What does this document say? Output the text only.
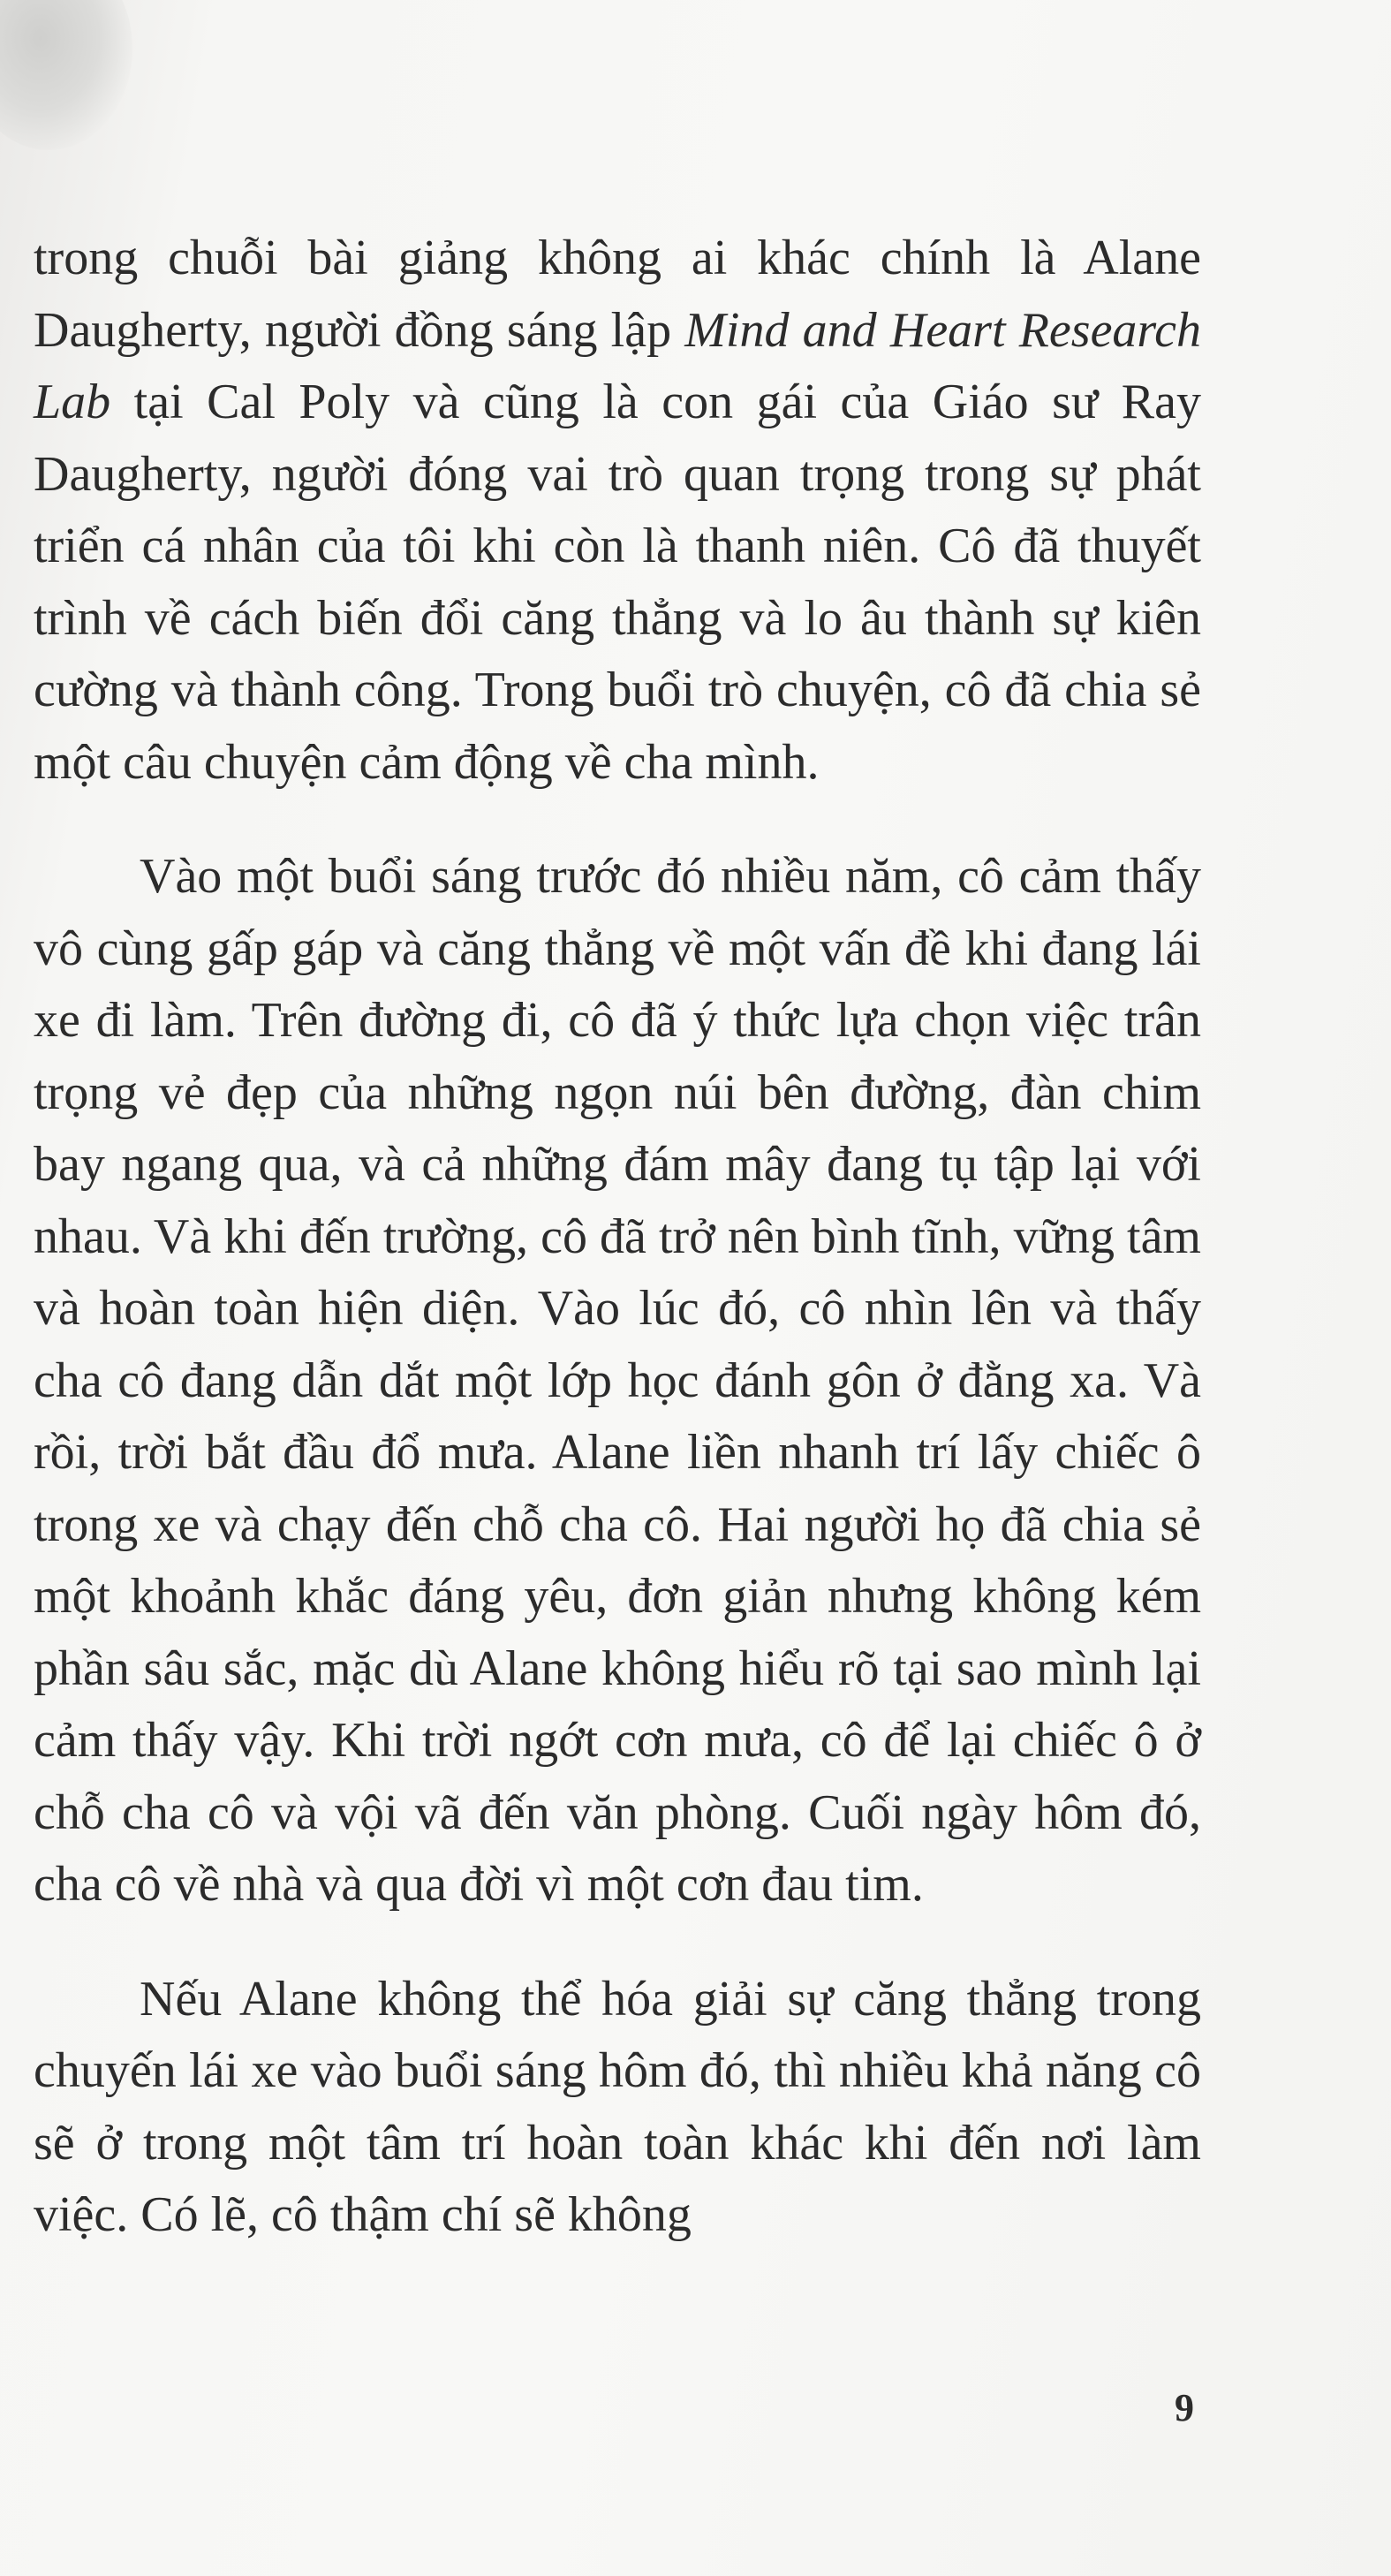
trong chuỗi bài giảng không ai khác chính là Alane Daugherty, người đồng sáng lập Mind and Heart Research Lab tại Cal Poly và cũng là con gái của Giáo sư Ray Daugherty, người đóng vai trò quan trọng trong sự phát triển cá nhân của tôi khi còn là thanh niên. Cô đã thuyết trình về cách biến đổi căng thẳng và lo âu thành sự kiên cường và thành công. Trong buổi trò chuyện, cô đã chia sẻ một câu chuyện cảm động về cha mình.

Vào một buổi sáng trước đó nhiều năm, cô cảm thấy vô cùng gấp gáp và căng thẳng về một vấn đề khi đang lái xe đi làm. Trên đường đi, cô đã ý thức lựa chọn việc trân trọng vẻ đẹp của những ngọn núi bên đường, đàn chim bay ngang qua, và cả những đám mây đang tụ tập lại với nhau. Và khi đến trường, cô đã trở nên bình tĩnh, vững tâm và hoàn toàn hiện diện. Vào lúc đó, cô nhìn lên và thấy cha cô đang dẫn dắt một lớp học đánh gôn ở đằng xa. Và rồi, trời bắt đầu đổ mưa. Alane liền nhanh trí lấy chiếc ô trong xe và chạy đến chỗ cha cô. Hai người họ đã chia sẻ một khoảnh khắc đáng yêu, đơn giản nhưng không kém phần sâu sắc, mặc dù Alane không hiểu rõ tại sao mình lại cảm thấy vậy. Khi trời ngớt cơn mưa, cô để lại chiếc ô ở chỗ cha cô và vội vã đến văn phòng. Cuối ngày hôm đó, cha cô về nhà và qua đời vì một cơn đau tim.

Nếu Alane không thể hóa giải sự căng thẳng trong chuyến lái xe vào buổi sáng hôm đó, thì nhiều khả năng cô sẽ ở trong một tâm trí hoàn toàn khác khi đến nơi làm việc. Có lẽ, cô thậm chí sẽ không

9
